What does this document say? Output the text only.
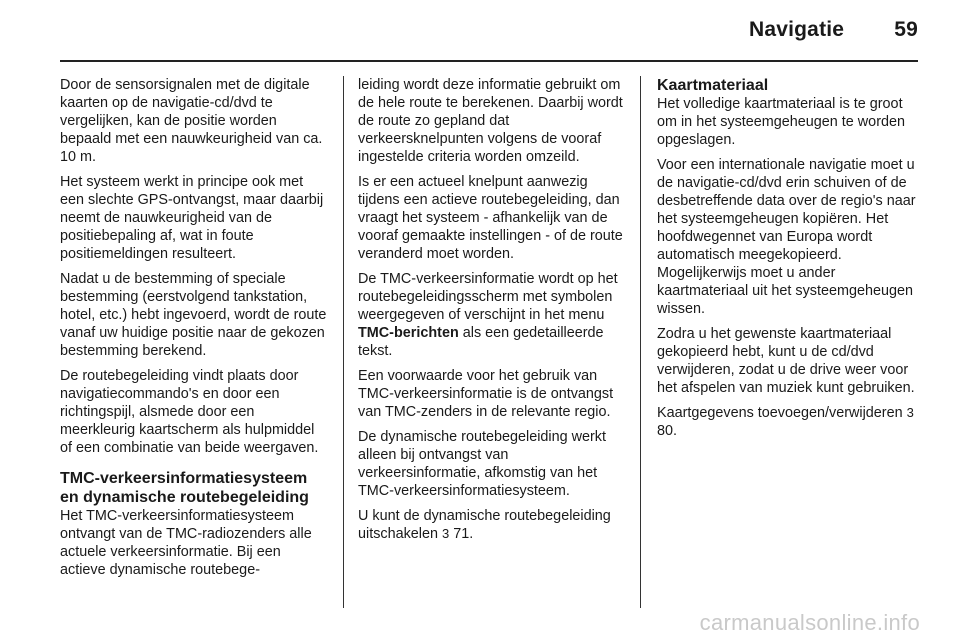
Navigatie 59

Door de sensorsignalen met de digitale kaarten op de navigatie-cd/dvd te vergelijken, kan de positie worden bepaald met een nauwkeurigheid van ca. 10 m.

Het systeem werkt in principe ook met een slechte GPS-ontvangst, maar daarbij neemt de nauwkeurigheid van de positiebepaling af, wat in foute positiemeldingen resulteert.

Nadat u de bestemming of speciale bestemming (eerstvolgend tankstation, hotel, etc.) hebt ingevoerd, wordt de route vanaf uw huidige positie naar de gekozen bestemming berekend.

De routebegeleiding vindt plaats door navigatiecommando's en door een richtingspijl, alsmede door een meerkleurig kaartscherm als hulpmiddel of een combinatie van beide weergaven.

TMC-verkeersinformatiesysteem en dynamische routebegeleiding

Het TMC-verkeersinformatiesysteem ontvangt van de TMC-radiozenders alle actuele verkeersinformatie. Bij een actieve dynamische routebege-

leiding wordt deze informatie gebruikt om de hele route te berekenen. Daarbij wordt de route zo gepland dat verkeersknelpunten volgens de vooraf ingestelde criteria worden omzeild.

Is er een actueel knelpunt aanwezig tijdens een actieve routebegeleiding, dan vraagt het systeem - afhankelijk van de vooraf gemaakte instellingen - of de route veranderd moet worden.

De TMC-verkeersinformatie wordt op het routebegeleidingsscherm met symbolen weergegeven of verschijnt in het menu TMC-berichten als een gedetailleerde tekst.

Een voorwaarde voor het gebruik van TMC-verkeersinformatie is de ontvangst van TMC-zenders in de relevante regio.

De dynamische routebegeleiding werkt alleen bij ontvangst van verkeersinformatie, afkomstig van het TMC-verkeersinformatiesysteem.

U kunt de dynamische routebegeleiding uitschakelen 3 71.

Kaartmateriaal

Het volledige kaartmateriaal is te groot om in het systeemgeheugen te worden opgeslagen.

Voor een internationale navigatie moet u de navigatie-cd/dvd erin schuiven of de desbetreffende data over de regio's naar het systeemgeheugen kopiëren. Het hoofdwegennet van Europa wordt automatisch meegekopieerd. Mogelijkerwijs moet u ander kaartmateriaal uit het systeemgeheugen wissen.

Zodra u het gewenste kaartmateriaal gekopieerd hebt, kunt u de cd/dvd verwijderen, zodat u de drive weer voor het afspelen van muziek kunt gebruiken.

Kaartgegevens toevoegen/verwijderen 3 80.

carmanualsonline.info
